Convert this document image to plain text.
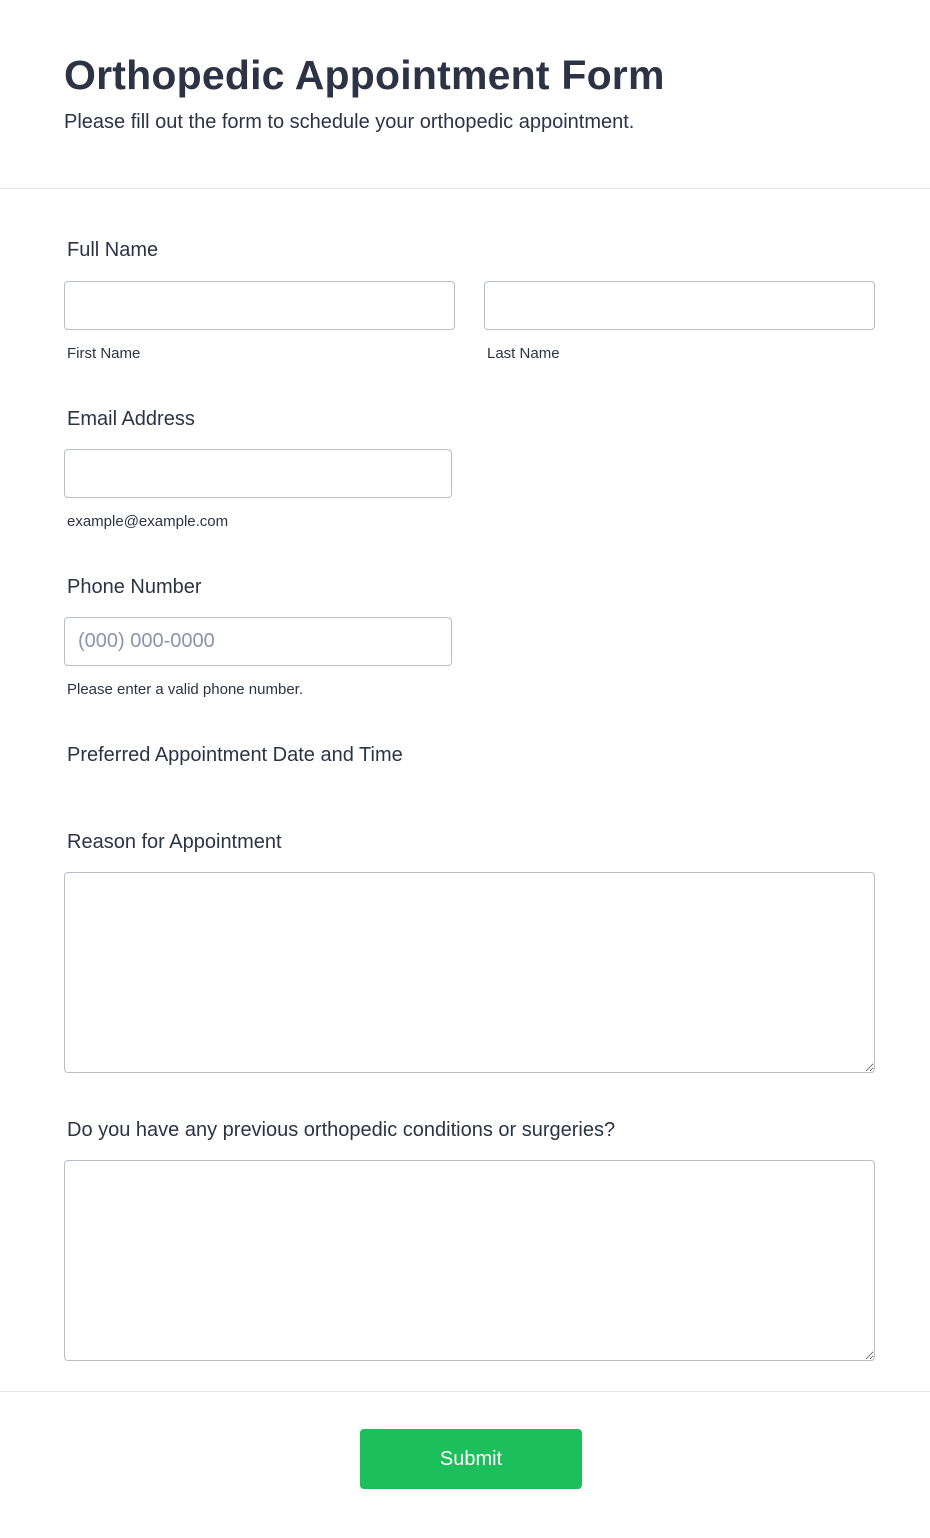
Orthopedic Appointment Form

Please fill out the form to schedule your orthopedic appointment.

Full Name
First Name	Last Name
Email Address
example@example.com
Phone Number
(000) 000-0000
Please enter a valid phone number.
Preferred Appointment Date and Time
Reason for Appointment
Do you have any previous orthopedic conditions or surgeries?
Submit
